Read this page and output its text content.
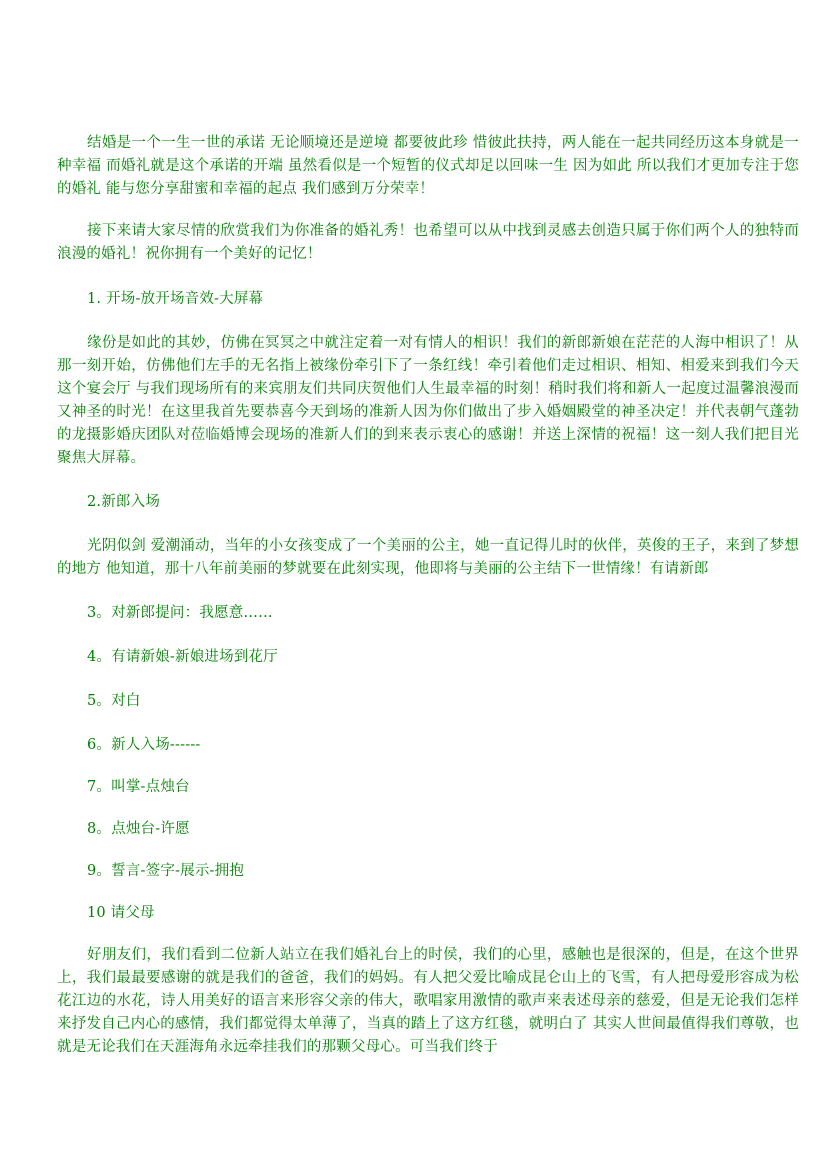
结婚是一个一生一世的承诺 无论顺境还是逆境 都要彼此珍 惜彼此扶持，两人能在一起共同经历这本身就是一种幸福 而婚礼就是这个承诺的开端 虽然看似是一个短暂的仪式却足以回味一生 因为如此 所以我们才更加专注于您的婚礼 能与您分享甜蜜和幸福的起点 我们感到万分荣幸！

接下来请大家尽情的欣赏我们为你准备的婚礼秀！也希望可以从中找到灵感去创造只属于你们两个人的独特而浪漫的婚礼！祝你拥有一个美好的记忆！

1. 开场-放开场音效-大屏幕

缘份是如此的其妙，仿佛在冥冥之中就注定着一对有情人的相识！我们的新郎新娘在茫茫的人海中相识了！从那一刻开始，仿佛他们左手的无名指上被缘份牵引下了一条红线！牵引着他们走过相识、相知、相爱来到我们今天这个宴会厅 与我们现场所有的来宾朋友们共同庆贺他们人生最幸福的时刻！稍时我们将和新人一起度过温馨浪漫而又神圣的时光！在这里我首先要恭喜今天到场的准新人因为你们做出了步入婚姻殿堂的神圣决定！并代表朝气蓬勃的龙摄影婚庆团队对莅临婚博会现场的准新人们的到来表示衷心的感谢！并送上深情的祝福！这一刻人我们把目光聚焦大屏幕。

2.新郎入场

光阴似剑 爱潮涌动，当年的小女孩变成了一个美丽的公主，她一直记得儿时的伙伴，英俊的王子，来到了梦想的地方 他知道，那十八年前美丽的梦就要在此刻实现，他即将与美丽的公主结下一世情缘！有请新郎

3。对新郎提问：我愿意……

4。有请新娘-新娘进场到花厅

5。对白

6。新人入场------

7。叫掌-点烛台

8。点烛台-许愿

9。誓言-签字-展示-拥抱

10 请父母

好朋友们，我们看到二位新人站立在我们婚礼台上的时侯，我们的心里，感触也是很深的，但是，在这个世界上，我们最最要感谢的就是我们的爸爸，我们的妈妈。有人把父爱比喻成昆仑山上的飞雪，有人把母爱形容成为松花江边的水花，诗人用美好的语言来形容父亲的伟大，歌唱家用激情的歌声来表述母亲的慈爱，但是无论我们怎样来抒发自己内心的感情，我们都觉得太单薄了，当真的踏上了这方红毯，就明白了 其实人世间最值得我们尊敬，也就是无论我们在天涯海角永远牵挂我们的那颗父母心。可当我们终于
